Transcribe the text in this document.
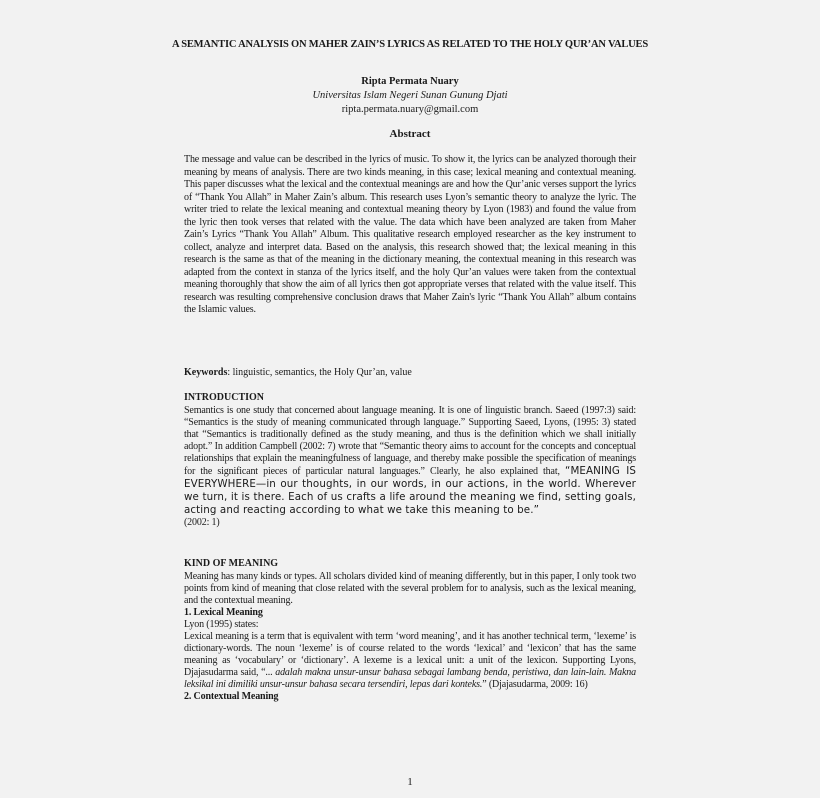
A SEMANTIC ANALYSIS ON MAHER ZAIN’S LYRICS AS RELATED TO THE HOLY QUR’AN VALUES
Ripta Permata Nuary
Universitas Islam Negeri Sunan Gunung Djati
ripta.permata.nuary@gmail.com
Abstract
The message and value can be described in the lyrics of music. To show it, the lyrics can be analyzed thorough their meaning by means of analysis. There are two kinds meaning, in this case; lexical meaning and contextual meaning. This paper discusses what the lexical and the contextual meanings are and how the Qur’anic verses support the lyrics of “Thank You Allah” in Maher Zain’s album. This research uses Lyon’s semantic theory to analyze the lyric. The writer tried to relate the lexical meaning and contextual meaning theory by Lyon (1983) and found the value from the lyric then took verses that related with the value. The data which have been analyzed are taken from Maher Zain’s Lyrics “Thank You Allah” Album. This qualitative research employed researcher as the key instrument to collect, analyze and interpret data. Based on the analysis, this research showed that; the lexical meaning in this research is the same as that of the meaning in the dictionary meaning, the contextual meaning in this research was adapted from the context in stanza of the lyrics itself, and the holy Qur’an values were taken from the contextual meaning thoroughly that show the aim of all lyrics then got appropriate verses that related with the value itself. This research was resulting comprehensive conclusion draws that Maher Zain's lyric “Thank You Allah” album contains the Islamic values.
Keywords: linguistic, semantics, the Holy Qur’an, value
INTRODUCTION
Semantics is one study that concerned about language meaning. It is one of linguistic branch. Saeed (1997:3) said: “Semantics is the study of meaning communicated through language.” Supporting Saeed, Lyons, (1995: 3) stated that “Semantics is traditionally defined as the study meaning, and thus is the definition which we shall initially adopt.” In addition Campbell (2002: 7) wrote that “Semantic theory aims to account for the concepts and conceptual relationships that explain the meaningfulness of language, and thereby make possible the specification of meanings for the significant pieces of particular natural languages.” Clearly, he also explained that, “MEANING IS EVERYWHERE—in our thoughts, in our words, in our actions, in the world. Wherever we turn, it is there. Each of us crafts a life around the meaning we find, setting goals, acting and reacting according to what we take this meaning to be.”
(2002: 1)
KIND OF MEANING
Meaning has many kinds or types. All scholars divided kind of meaning differently, but in this paper, I only took two points from kind of meaning that close related with the several problem for to analysis, such as the lexical meaning, and the contextual meaning.
1. Lexical Meaning
Lyon (1995) states:
Lexical meaning is a term that is equivalent with term ‘word meaning’, and it has another technical term, ‘lexeme’ is dictionary-words. The noun ‘lexeme’ is of course related to the words ‘lexical’ and ‘lexicon’ that has the same meaning as ‘vocabulary’ or ‘dictionary’. A lexeme is a lexical unit: a unit of the lexicon. Supporting Lyons, Djajasudarma said, “... adalah makna unsur-unsur bahasa sebagai lambang benda, peristiwa, dan lain-lain. Makna leksikal ini dimiliki unsur-unsur bahasa secara tersendiri, lepas dari konteks.” (Djajasudarma, 2009: 16)
2. Contextual Meaning
1
